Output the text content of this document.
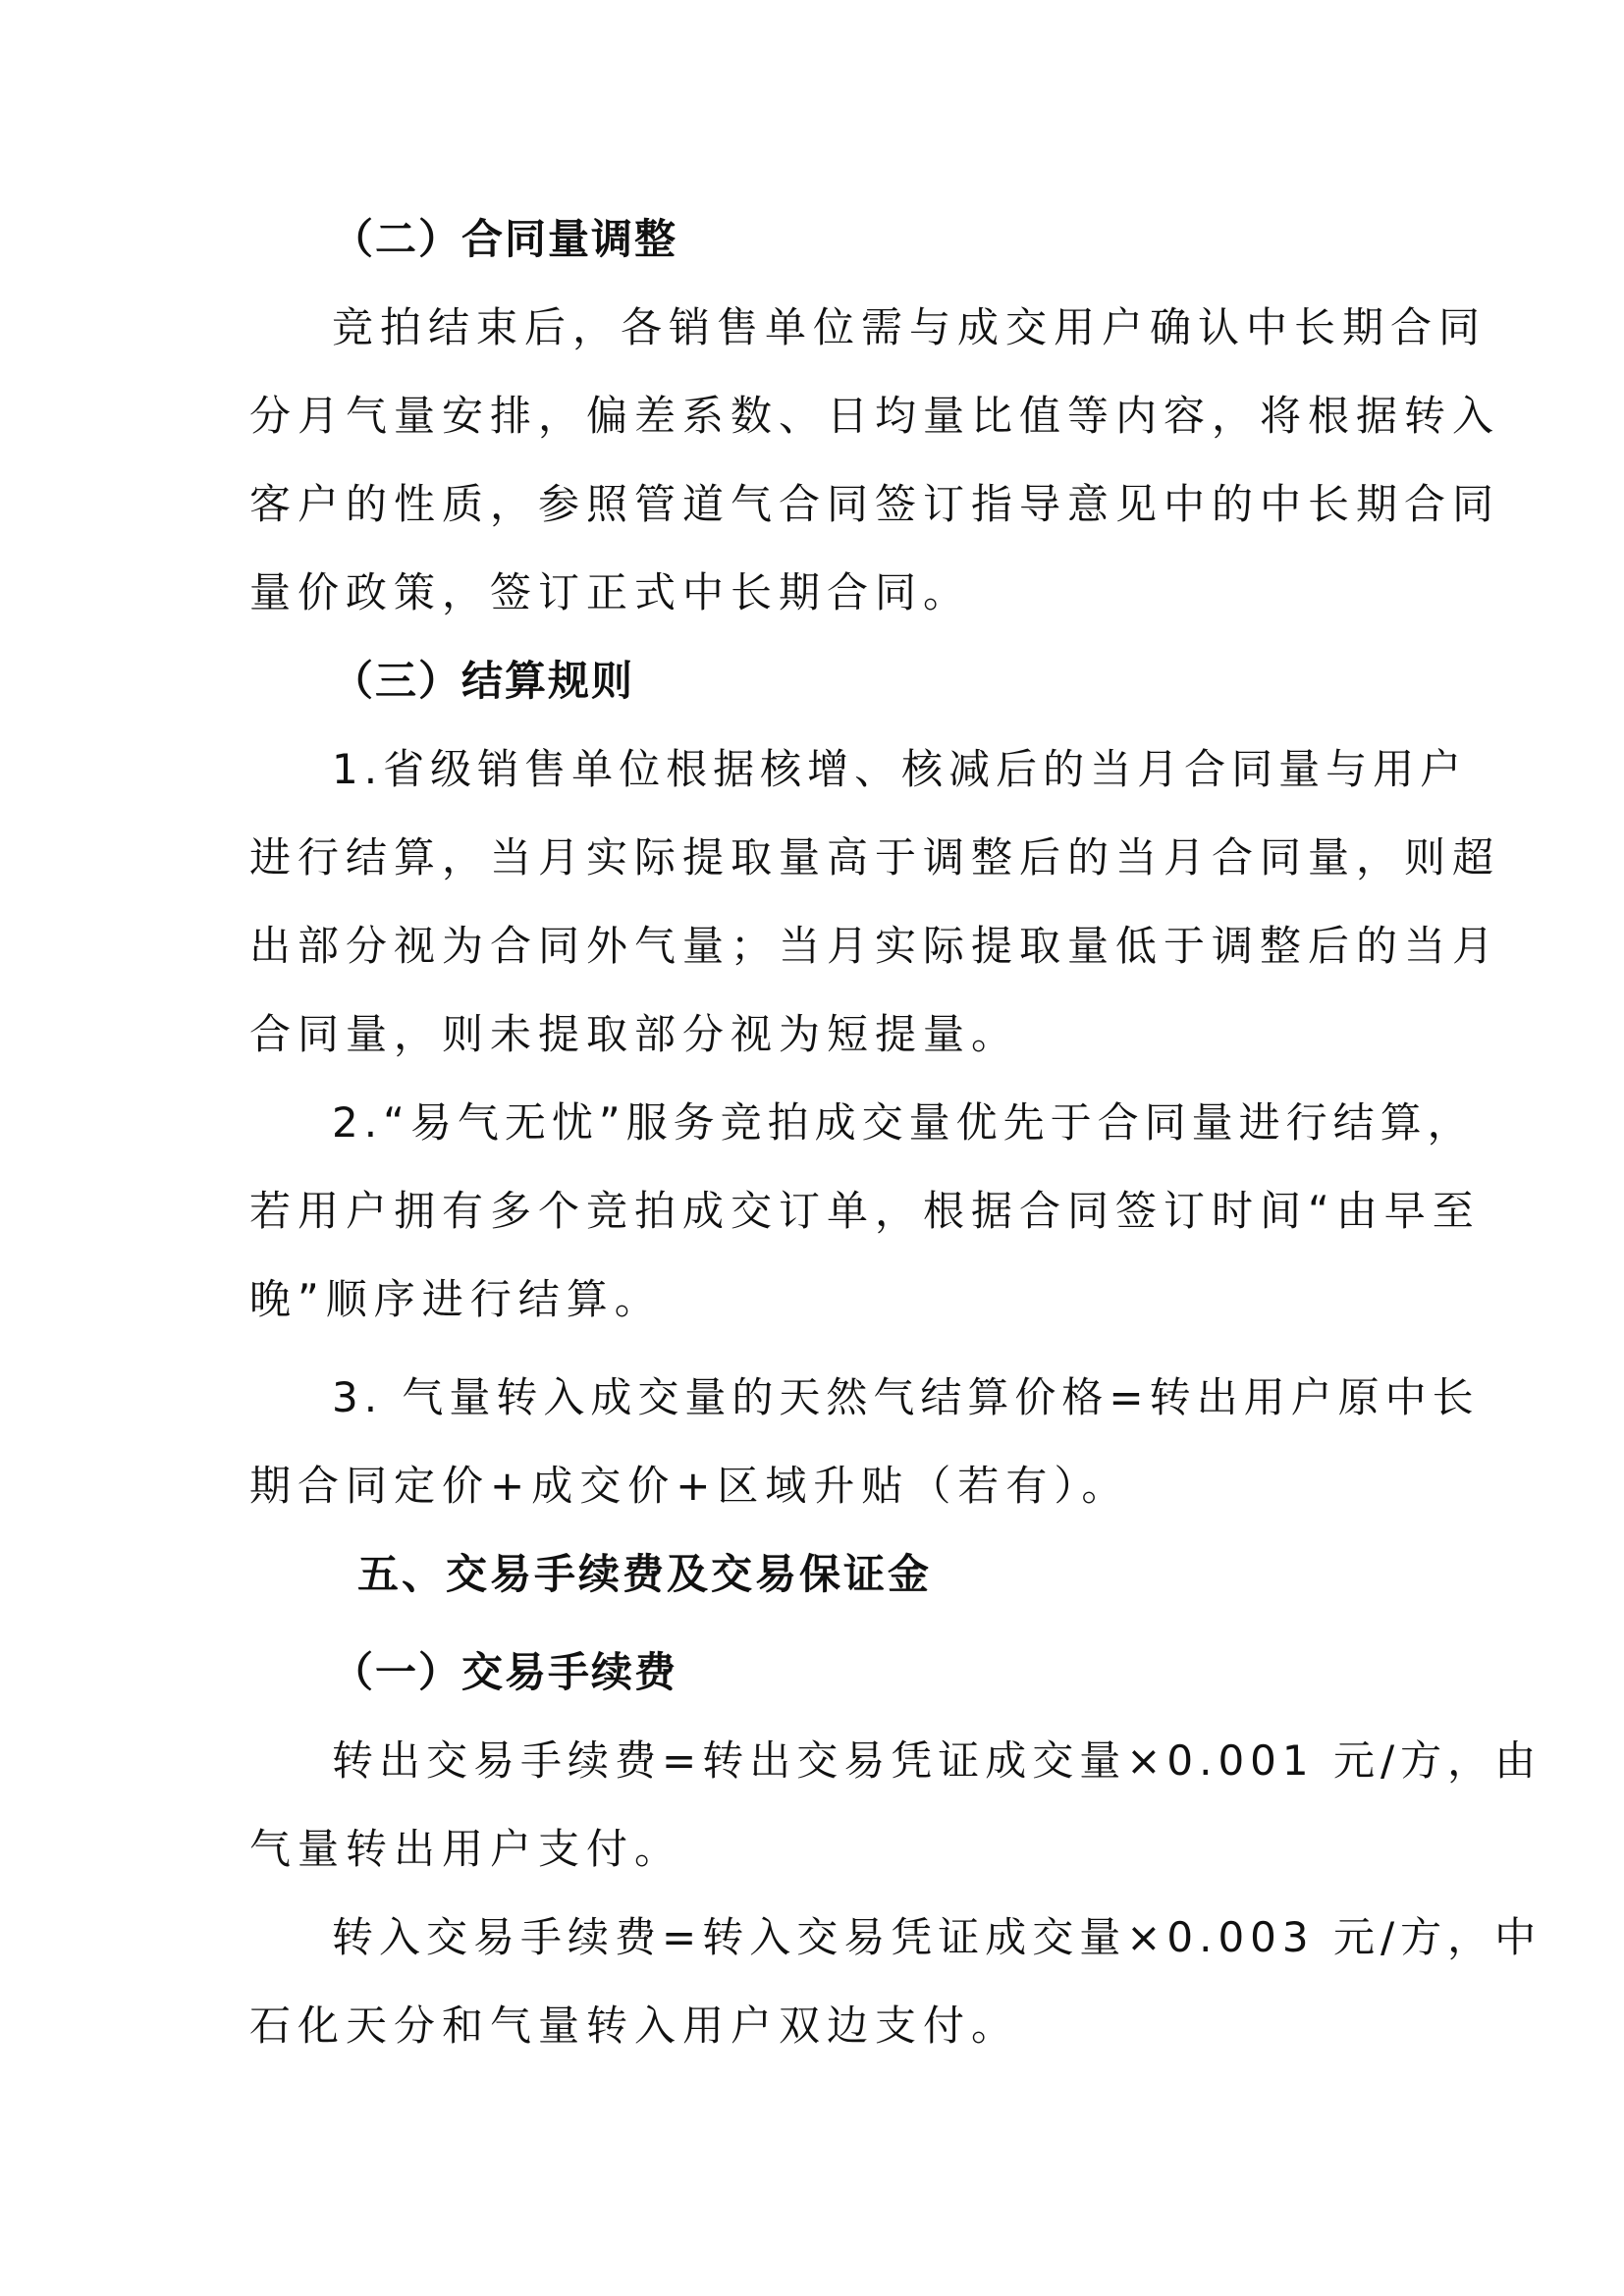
（二）合同量调整
竞拍结束后，各销售单位需与成交用户确认中长期合同
分月气量安排，偏差系数、日均量比值等内容，将根据转入
客户的性质，参照管道气合同签订指导意见中的中长期合同
量价政策，签订正式中长期合同。
（三）结算规则
1.省级销售单位根据核增、核减后的当月合同量与用户
进行结算，当月实际提取量高于调整后的当月合同量，则超
出部分视为合同外气量；当月实际提取量低于调整后的当月
合同量，则未提取部分视为短提量。
2.“易气无忧”服务竞拍成交量优先于合同量进行结算，
若用户拥有多个竞拍成交订单，根据合同签订时间“由早至
晚”顺序进行结算。
3. 气量转入成交量的天然气结算价格=转出用户原中长
期合同定价+成交价+区域升贴（若有）。
五、交易手续费及交易保证金
（一）交易手续费
转出交易手续费=转出交易凭证成交量×0.001 元/方，由
气量转出用户支付。
转入交易手续费=转入交易凭证成交量×0.003 元/方，中
石化天分和气量转入用户双边支付。
